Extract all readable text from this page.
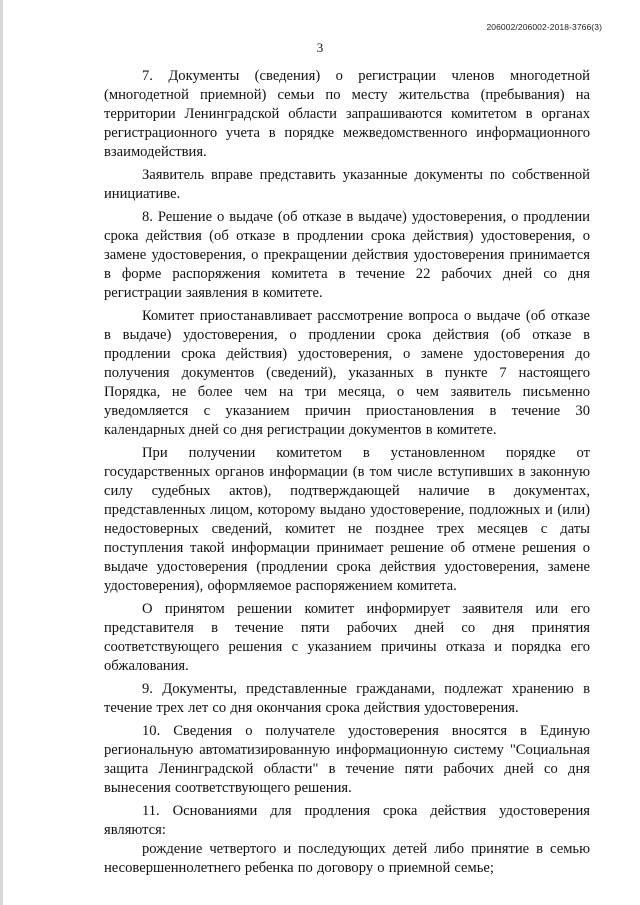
206002/206002-2018-3766(3)
3

7. Документы (сведения) о регистрации членов многодетной (многодетной приемной) семьи по месту жительства (пребывания) на территории Ленинградской области запрашиваются комитетом в органах регистрационного учета в порядке межведомственного информационного взаимодействия.

Заявитель вправе представить указанные документы по собственной инициативе.

8. Решение о выдаче (об отказе в выдаче) удостоверения, о продлении срока действия (об отказе в продлении срока действия) удостоверения, о замене удостоверения, о прекращении действия удостоверения принимается в форме распоряжения комитета в течение 22 рабочих дней со дня регистрации заявления в комитете.

Комитет приостанавливает рассмотрение вопроса о выдаче (об отказе в выдаче) удостоверения, о продлении срока действия (об отказе в продлении срока действия) удостоверения, о замене удостоверения до получения документов (сведений), указанных в пункте 7 настоящего Порядка, не более чем на три месяца, о чем заявитель письменно уведомляется с указанием причин приостановления в течение 30 календарных дней со дня регистрации документов в комитете.

При получении комитетом в установленном порядке от государственных органов информации (в том числе вступивших в законную силу судебных актов), подтверждающей наличие в документах, представленных лицом, которому выдано удостоверение, подложных и (или) недостоверных сведений, комитет не позднее трех месяцев с даты поступления такой информации принимает решение об отмене решения о выдаче удостоверения (продлении срока действия удостоверения, замене удостоверения), оформляемое распоряжением комитета.

О принятом решении комитет информирует заявителя или его представителя в течение пяти рабочих дней со дня принятия соответствующего решения с указанием причины отказа и порядка его обжалования.

9. Документы, представленные гражданами, подлежат хранению в течение трех лет со дня окончания срока действия удостоверения.

10. Сведения о получателе удостоверения вносятся в Единую региональную автоматизированную информационную систему "Социальная защита Ленинградской области" в течение пяти рабочих дней со дня вынесения соответствующего решения.

11. Основаниями для продления срока действия удостоверения являются:

рождение четвертого и последующих детей либо принятие в семью несовершеннолетнего ребенка по договору о приемной семье;
